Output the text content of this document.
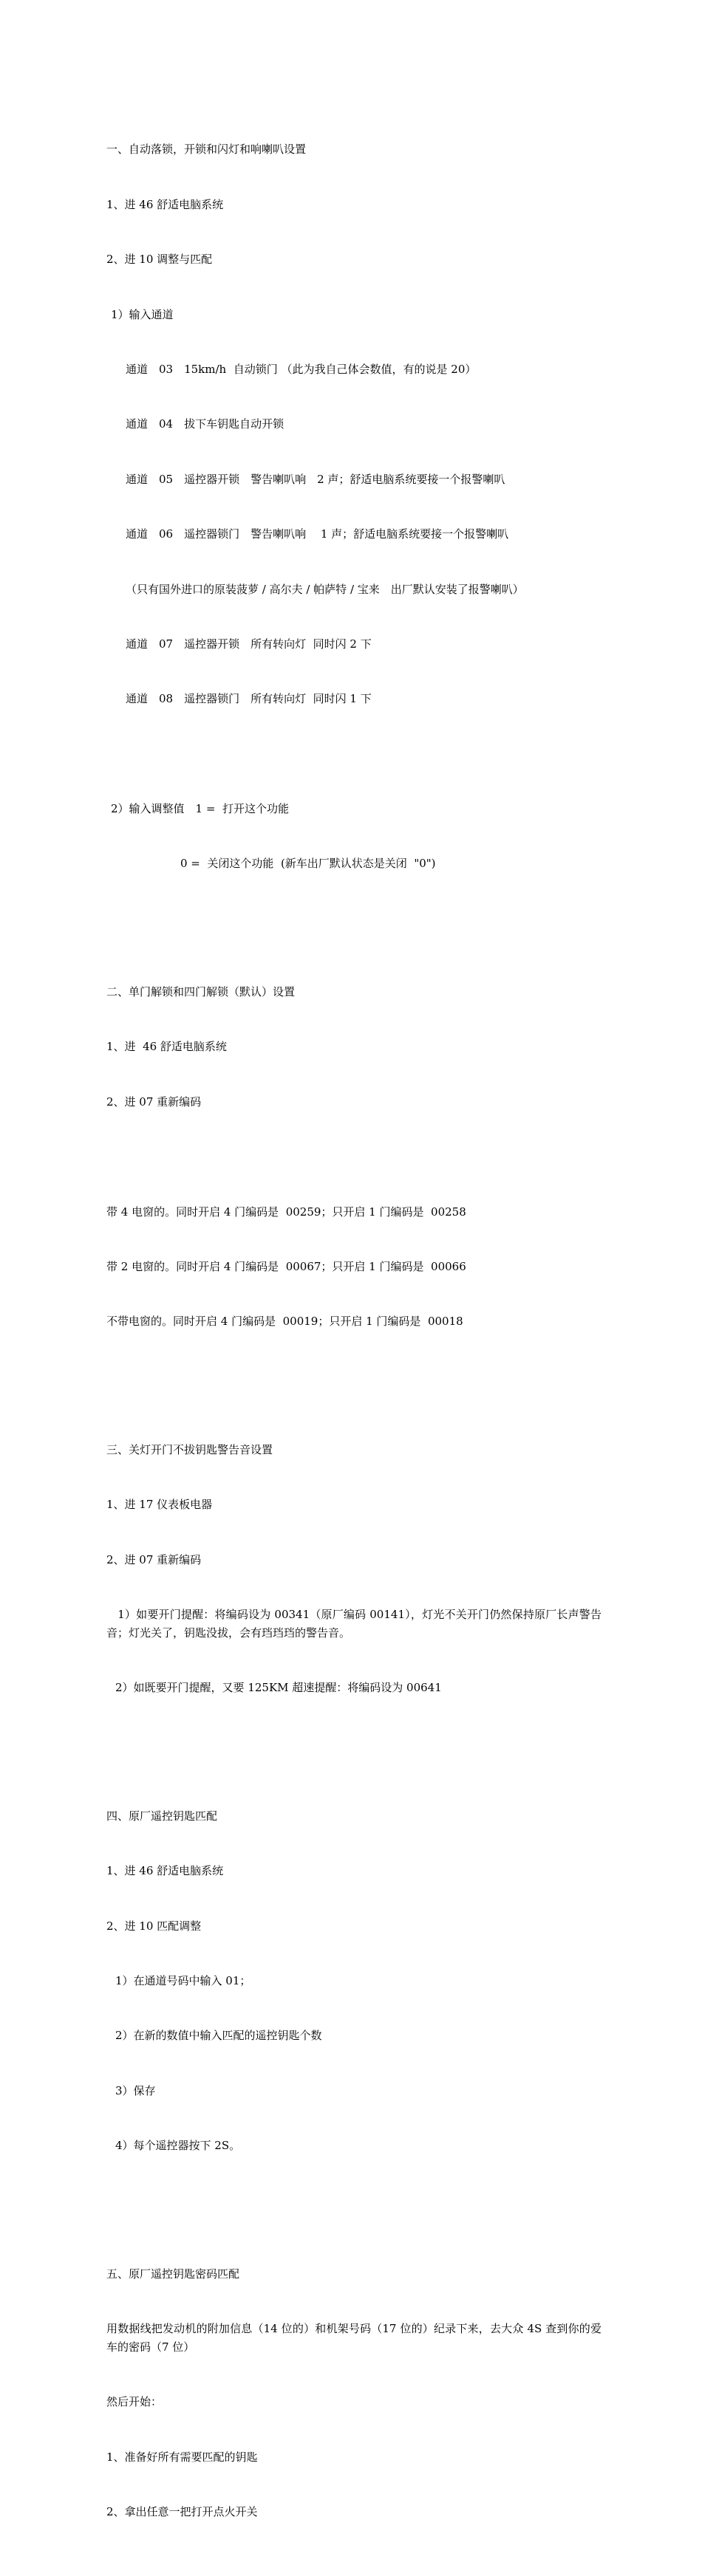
一、自动落锁，开锁和闪灯和响喇叭设置

1、进 46 舒适电脑系统

2、进 10 调整与匹配

1）输入通道

通道　03　15km/h  自动锁门 （此为我自己体会数值，有的说是 20）

通道　04　拔下车钥匙自动开锁

通道　05　遥控器开锁　警告喇叭响　2 声；舒适电脑系统要接一个报警喇叭

通道　06　遥控器锁门　警告喇叭响　 1 声；舒适电脑系统要接一个报警喇叭

（只有国外进口的原装菠萝 / 高尔夫 / 帕萨特 / 宝来　出厂默认安装了报警喇叭）

通道　07　遥控器开锁　所有转向灯  同时闪 2 下

通道　08　遥控器锁门　所有转向灯  同时闪 1 下

2）输入调整值　1 =  打开这个功能

0 =  关闭这个功能  (新车出厂默认状态是关闭  "0")

二、单门解锁和四门解锁（默认）设置

1、进  46 舒适电脑系统

2、进 07 重新编码

带 4 电窗的。同时开启 4 门编码是  00259；只开启 1 门编码是  00258

带 2 电窗的。同时开启 4 门编码是  00067；只开启 1 门编码是  00066

不带电窗的。同时开启 4 门编码是  00019；只开启 1 门编码是  00018

三、关灯开门不拔钥匙警告音设置

1、进 17 仪表板电器

2、进 07 重新编码

　1）如要开门提醒：将编码设为 00341（原厂编码 00141），灯光不关开门仍然保持原厂长声警告音；灯光关了，钥匙没拔，会有珰珰珰的警告音。

2）如既要开门提醒，又要 125KM 超速提醒：将编码设为 00641

四、原厂遥控钥匙匹配

1、进 46 舒适电脑系统

2、进 10 匹配调整

1）在通道号码中输入 01；

2）在新的数值中输入匹配的遥控钥匙个数

3）保存

4）每个遥控器按下 2S。

五、原厂遥控钥匙密码匹配

用数据线把发动机的附加信息（14 位的）和机架号码（17 位的）纪录下来，去大众 4S 查到你的爱车的密码（7 位）

然后开始：

1、准备好所有需要匹配的钥匙

2、拿出任意一把打开点火开关
